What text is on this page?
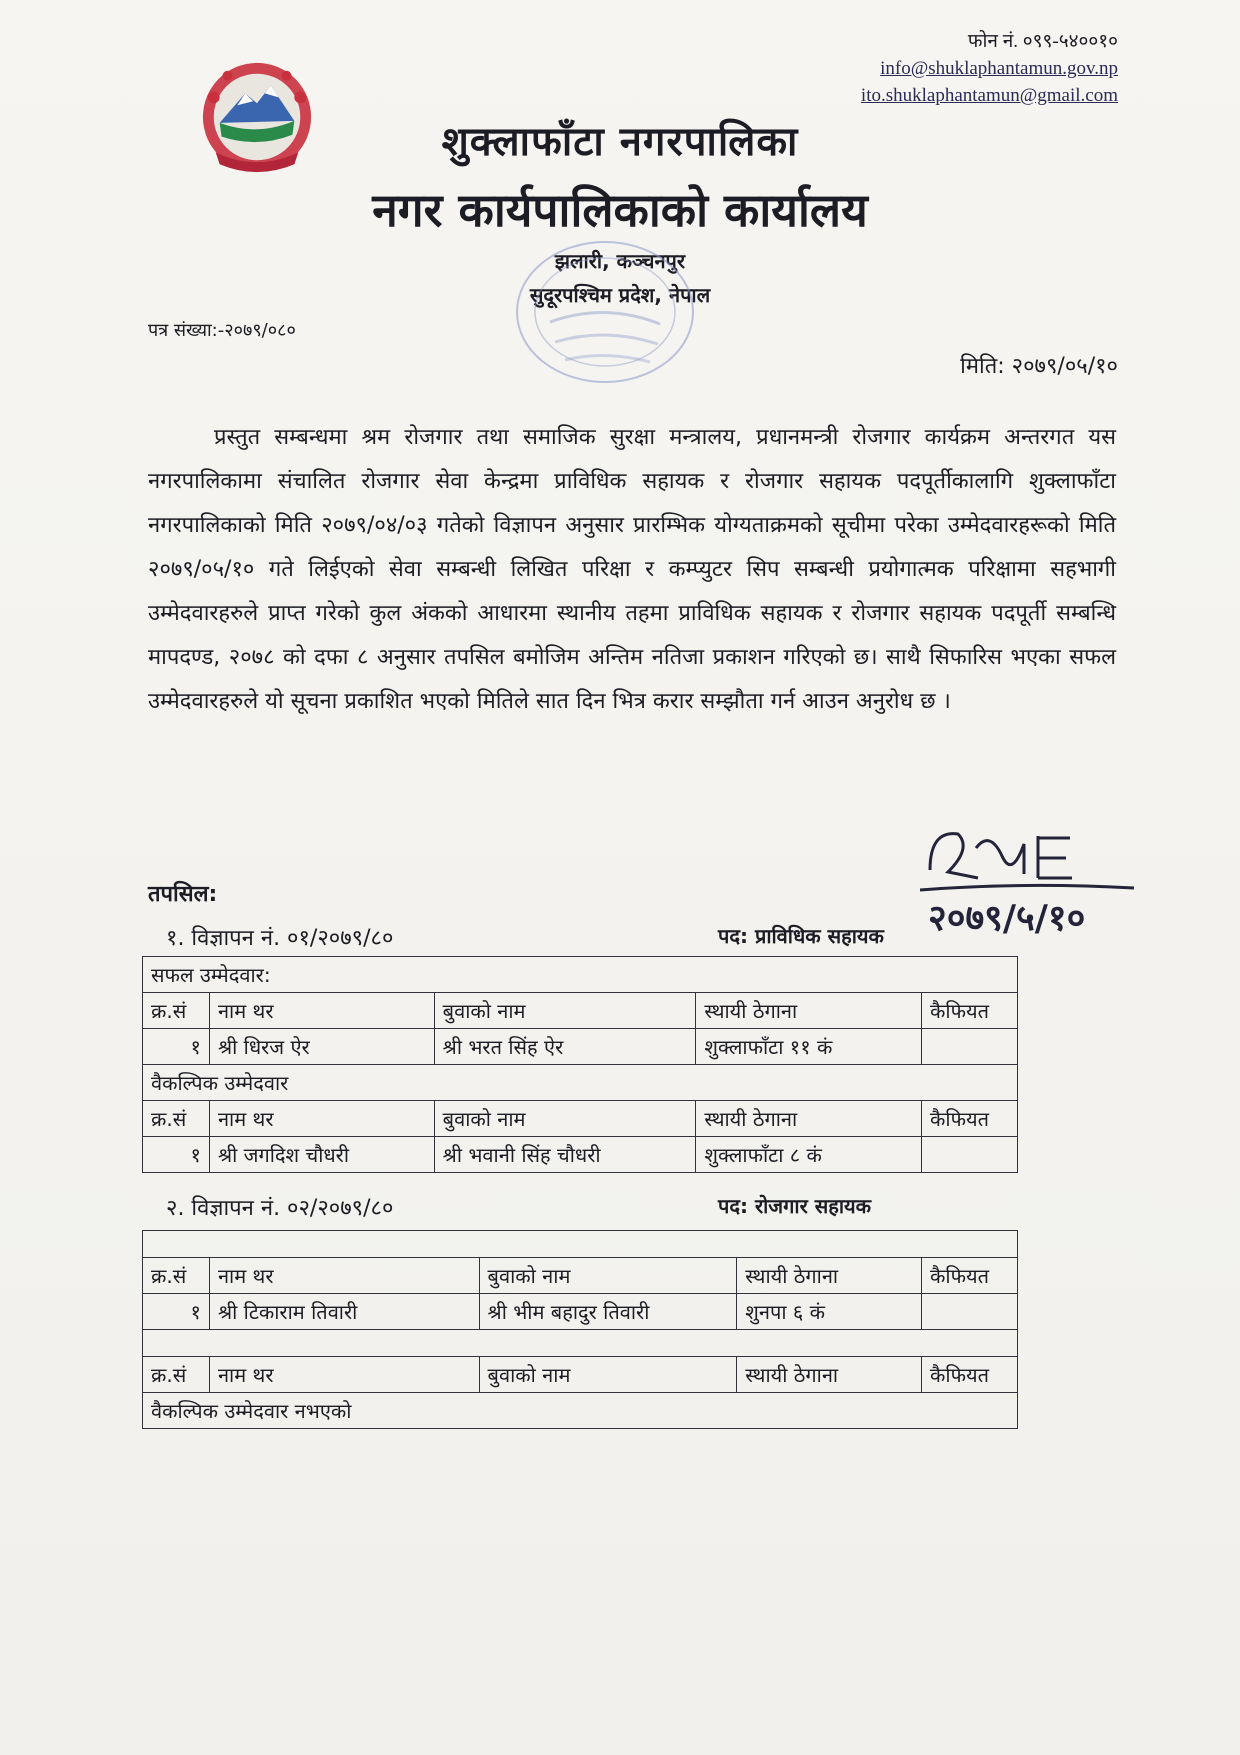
फोन नं. ०९९-५४००१०
info@shuklaphantamun.gov.np
ito.shuklaphantamun@gmail.com
शुक्लाफाँटा नगरपालिका
नगर कार्यपालिकाको कार्यालय
झलारी, कञ्चनपुर
सुदूरपश्चिम प्रदेश, नेपाल
पत्र संख्या:-२०७९/०८०
मिति: २०७९/०५/१०
प्रस्तुत सम्बन्धमा श्रम रोजगार तथा समाजिक सुरक्षा मन्त्रालय, प्रधानमन्त्री रोजगार कार्यक्रम अन्तरगत यस नगरपालिकामा संचालित रोजगार सेवा केन्द्रमा प्राविधिक सहायक र रोजगार सहायक पदपूर्तीकालागि शुक्लाफाँटा नगरपालिकाको मिति २०७९/०४/०३ गतेको विज्ञापन अनुसार प्रारम्भिक योग्यताक्रमको सूचीमा परेका उम्मेदवारहरूको मिति २०७९/०५/१० गते लिईएको सेवा सम्बन्धी लिखित परिक्षा र कम्प्युटर सिप सम्बन्धी प्रयोगात्मक परिक्षामा सहभागी उम्मेदवारहरुले प्राप्त गरेको कुल अंकको आधारमा स्थानीय तहमा प्राविधिक सहायक र रोजगार सहायक पदपूर्ती सम्बन्धि मापदण्ड, २०७८ को दफा ८ अनुसार तपसिल बमोजिम अन्तिम नतिजा प्रकाशन गरिएको छ। साथै सिफारिस भएका सफल उम्मेदवारहरुले यो सूचना प्रकाशित भएको मितिले सात दिन भित्र करार सम्झौता गर्न आउन अनुरोध छ ।
२०७९/५/१०
तपसिल:
१. विज्ञापन नं. ०१/२०७९/८०	पद: प्राविधिक सहायक
सफल उम्मेदवार:				
क्र.सं	नाम थर	बुवाको नाम	स्थायी ठेगाना	कैफियत
१	श्री धिरज ऐर	श्री भरत सिंह ऐर	शुक्लाफाँटा ११ कं	
वैकल्पिक उम्मेदवार				
क्र.सं	नाम थर	बुवाको नाम	स्थायी ठेगाना	कैफियत
१	श्री जगदिश चौधरी	श्री भवानी सिंह चौधरी	शुक्लाफाँटा ८ कं	
२. विज्ञापन नं. ०२/२०७९/८०	पद: रोजगार सहायक

क्र.सं	नाम थर	बुवाको नाम	स्थायी ठेगाना	कैफियत
१	श्री टिकाराम तिवारी	श्री भीम बहादुर तिवारी	शुनपा ६ कं	

क्र.सं	नाम थर	बुवाको नाम	स्थायी ठेगाना	कैफियत
वैकल्पिक उम्मेदवार नभएको				
